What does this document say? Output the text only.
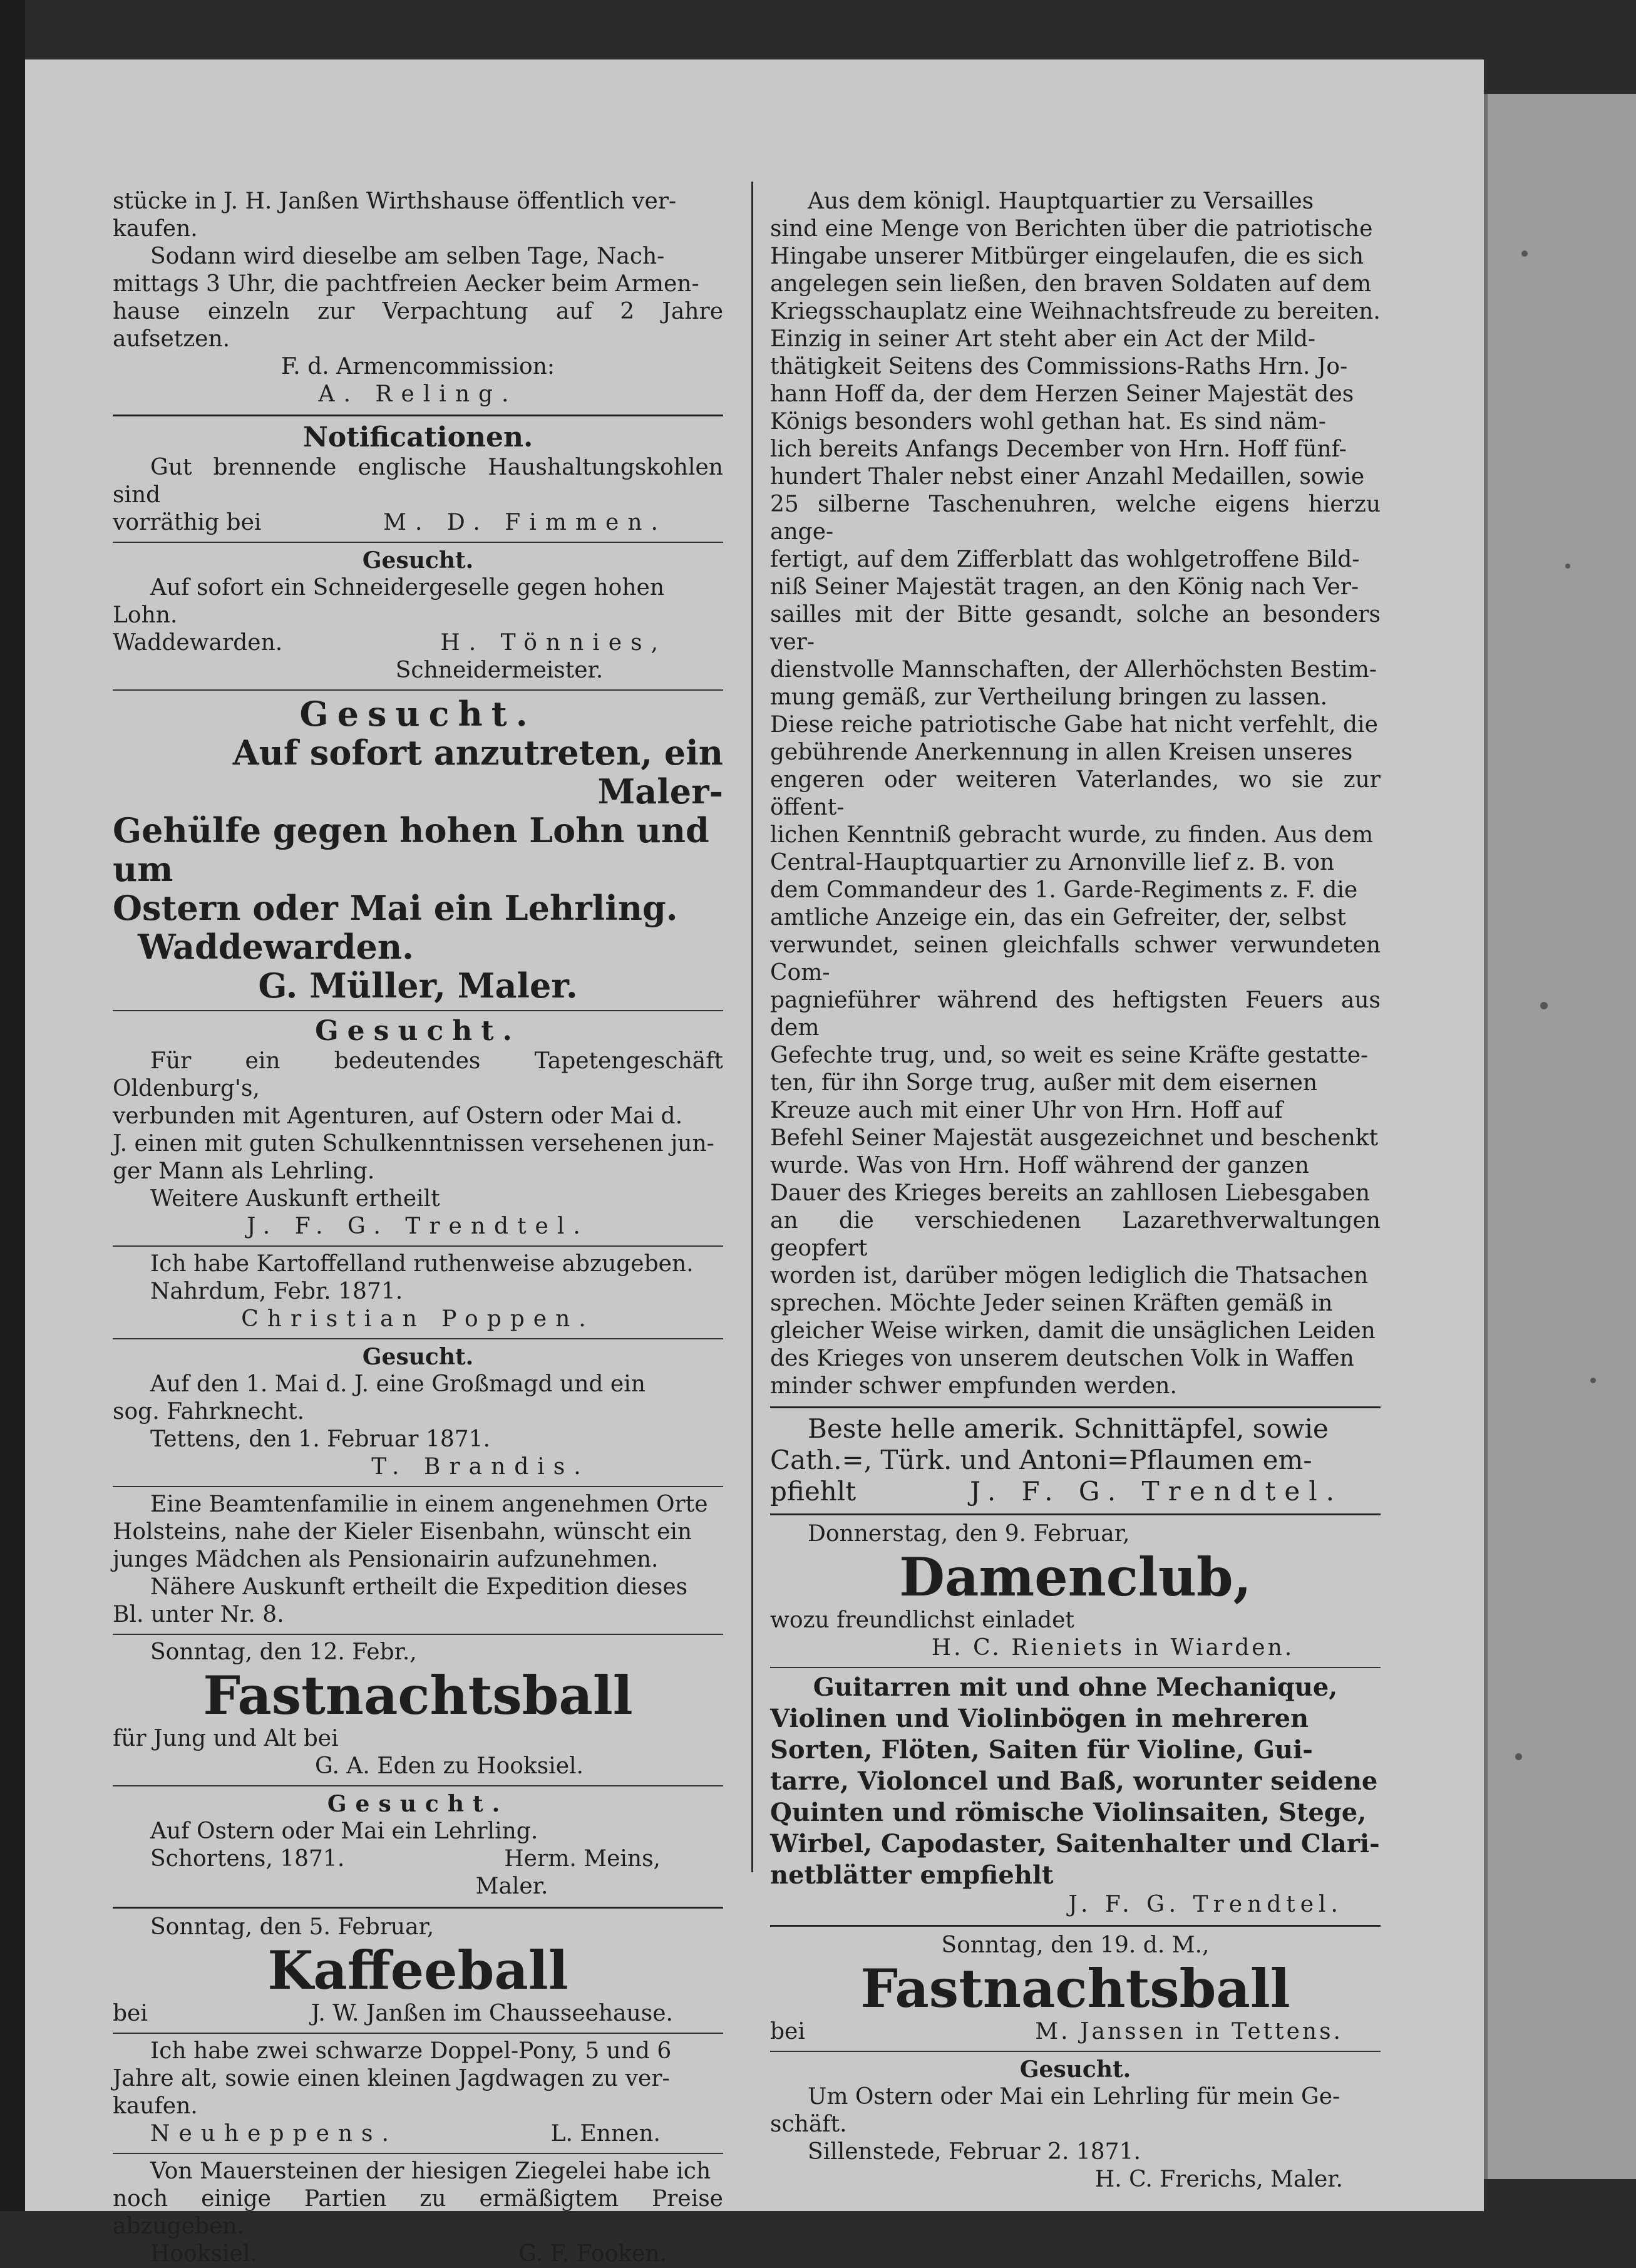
stücke in J. H. Janßen Wirthshause öffentlich ver-

kaufen.

Sodann wird dieselbe am selben Tage, Nach-

mittags 3 Uhr, die pachtfreien Aecker beim Armen-

hause einzeln zur Verpachtung auf 2 Jahre aufsetzen.

F. d. Armencommission:

A. Reling.

Notificationen.

Gut brennende englische Haushaltungskohlen sind

vorräthig bei	M. D. Fimmen.

Gesucht.

Auf sofort ein Schneidergeselle gegen hohen Lohn.

Waddewarden.	H. Tönnies,

Schneidermeister.

Gesucht.

Auf sofort anzutreten, ein Maler-

Gehülfe gegen hohen Lohn und um

Ostern oder Mai ein Lehrling.

Waddewarden.

G. Müller, Maler.

Gesucht.

Für ein bedeutendes Tapetengeschäft Oldenburg's,

verbunden mit Agenturen, auf Ostern oder Mai d.

J. einen mit guten Schulkenntnissen versehenen jun-

ger Mann als Lehrling.

Weitere Auskunft ertheilt

J. F. G. Trendtel.

Ich habe Kartoffelland ruthenweise abzugeben.

Nahrdum, Febr. 1871.

Christian Poppen.

Gesucht.

Auf den 1. Mai d. J. eine Großmagd und ein

sog. Fahrknecht.

Tettens, den 1. Februar 1871.

T. Brandis.

Eine Beamtenfamilie in einem angenehmen Orte

Holsteins, nahe der Kieler Eisenbahn, wünscht ein

junges Mädchen als Pensionairin aufzunehmen.

Nähere Auskunft ertheilt die Expedition dieses

Bl. unter Nr. 8.

Sonntag, den 12. Febr.,

Fastnachtsball

für Jung und Alt bei

G. A. Eden zu Hooksiel.

Gesucht.

Auf Ostern oder Mai ein Lehrling.

Schortens, 1871.	Herm. Meins,

Maler.

Sonntag, den 5. Februar,

Kaffeeball

bei	J. W. Janßen im Chausseehause.

Ich habe zwei schwarze Doppel-Pony, 5 und 6

Jahre alt, sowie einen kleinen Jagdwagen zu ver-

kaufen.

Neuheppens.	L. Ennen.

Von Mauersteinen der hiesigen Ziegelei habe ich

noch einige Partien zu ermäßigtem Preise abzugeben.

Hooksiel.	G. F. Fooken.

Aus dem königl. Hauptquartier zu Versailles

sind eine Menge von Berichten über die patriotische

Hingabe unserer Mitbürger eingelaufen, die es sich

angelegen sein ließen, den braven Soldaten auf dem

Kriegsschauplatz eine Weihnachtsfreude zu bereiten.

Einzig in seiner Art steht aber ein Act der Mild-

thätigkeit Seitens des Commissions-Raths Hrn. Jo-

hann Hoff da, der dem Herzen Seiner Majestät des

Königs besonders wohl gethan hat. Es sind näm-

lich bereits Anfangs December von Hrn. Hoff fünf-

hundert Thaler nebst einer Anzahl Medaillen, sowie

25 silberne Taschenuhren, welche eigens hierzu ange-

fertigt, auf dem Zifferblatt das wohlgetroffene Bild-

niß Seiner Majestät tragen, an den König nach Ver-

sailles mit der Bitte gesandt, solche an besonders ver-

dienstvolle Mannschaften, der Allerhöchsten Bestim-

mung gemäß, zur Vertheilung bringen zu lassen.

Diese reiche patriotische Gabe hat nicht verfehlt, die

gebührende Anerkennung in allen Kreisen unseres

engeren oder weiteren Vaterlandes, wo sie zur öffent-

lichen Kenntniß gebracht wurde, zu finden. Aus dem

Central-Hauptquartier zu Arnonville lief z. B. von

dem Commandeur des 1. Garde-Regiments z. F. die

amtliche Anzeige ein, das ein Gefreiter, der, selbst

verwundet, seinen gleichfalls schwer verwundeten Com-

pagnieführer während des heftigsten Feuers aus dem

Gefechte trug, und, so weit es seine Kräfte gestatte-

ten, für ihn Sorge trug, außer mit dem eisernen

Kreuze auch mit einer Uhr von Hrn. Hoff auf

Befehl Seiner Majestät ausgezeichnet und beschenkt

wurde. Was von Hrn. Hoff während der ganzen

Dauer des Krieges bereits an zahllosen Liebesgaben

an die verschiedenen Lazarethverwaltungen geopfert

worden ist, darüber mögen lediglich die Thatsachen

sprechen. Möchte Jeder seinen Kräften gemäß in

gleicher Weise wirken, damit die unsäglichen Leiden

des Krieges von unserem deutschen Volk in Waffen

minder schwer empfunden werden.

Beste helle amerik. Schnittäpfel, sowie

Cath.=, Türk. und Antoni=Pflaumen em-

pfiehlt	J. F. G. Trendtel.

Donnerstag, den 9. Februar,

Damenclub,

wozu freundlichst einladet

H. C. Rieniets in Wiarden.

Guitarren mit und ohne Mechanique,

Violinen und Violinbögen in mehreren

Sorten, Flöten, Saiten für Violine, Gui-

tarre, Violoncel und Baß, worunter seidene

Quinten und römische Violinsaiten, Stege,

Wirbel, Capodaster, Saitenhalter und Clari-

netblätter empfiehlt

J. F. G. Trendtel.

Sonntag, den 19. d. M.,

Fastnachtsball

bei	M. Janssen in Tettens.

Gesucht.

Um Ostern oder Mai ein Lehrling für mein Ge-

schäft.

Sillenstede, Februar 2. 1871.

H. C. Frerichs, Maler.
